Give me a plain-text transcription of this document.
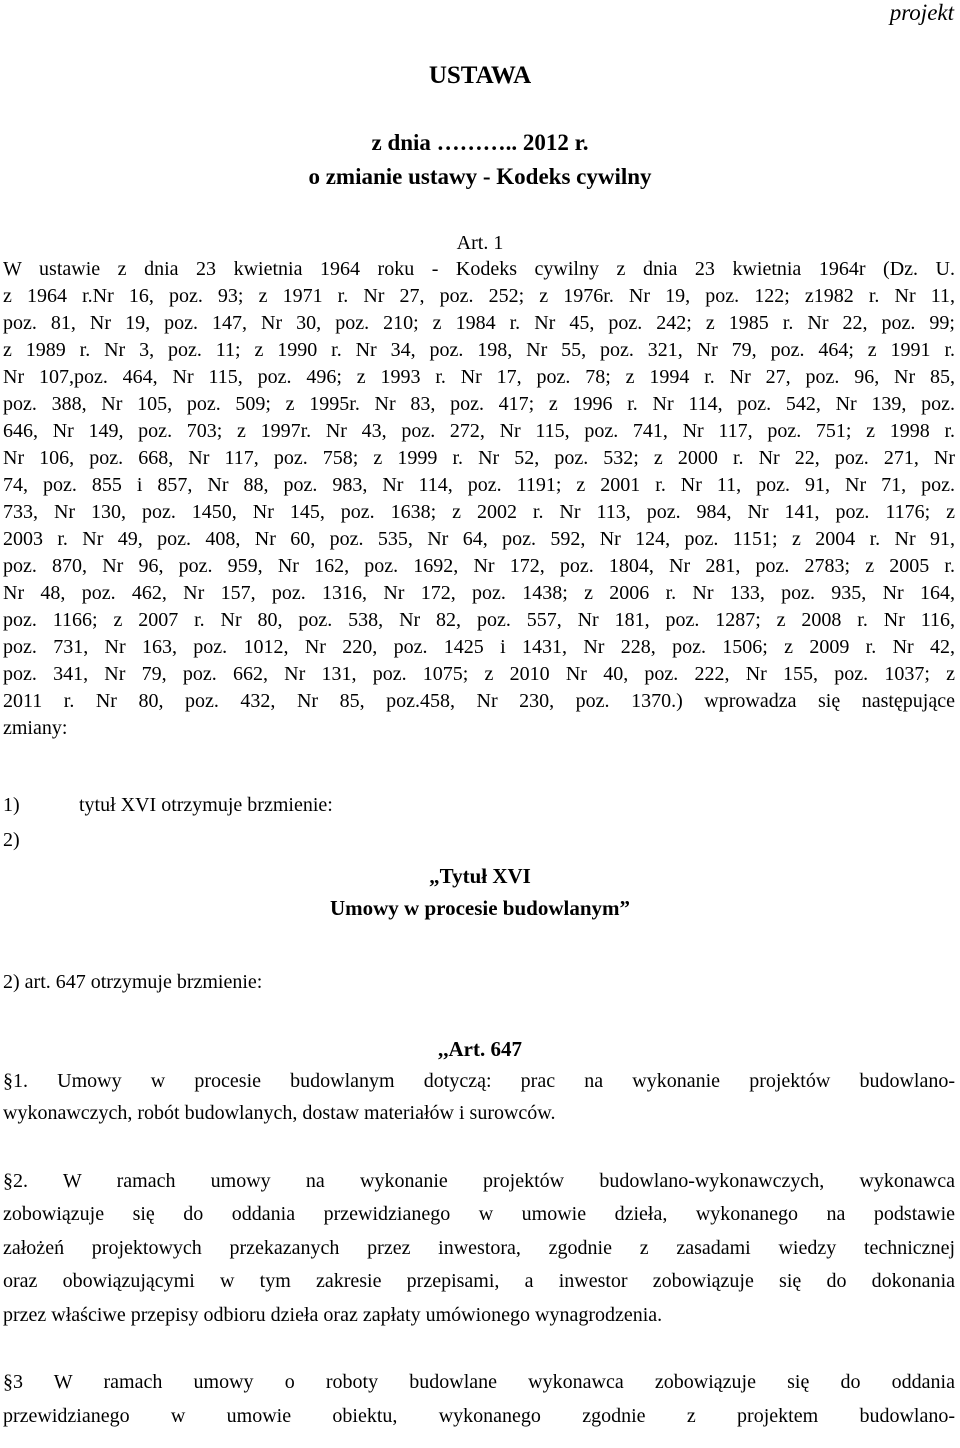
projekt

USTAWA

z dnia ……….. 2012 r.

o zmianie ustawy - Kodeks cywilny

Art. 1

W ustawie z dnia 23 kwietnia 1964 roku - Kodeks cywilny z dnia 23 kwietnia 1964r (Dz. U.

z 1964 r.Nr 16, poz. 93; z 1971 r. Nr 27, poz. 252; z 1976r. Nr 19, poz. 122; z1982 r. Nr 11,

poz. 81, Nr 19, poz. 147, Nr 30, poz. 210; z 1984 r. Nr 45, poz. 242; z 1985 r. Nr 22, poz. 99;

z 1989 r. Nr 3, poz. 11; z 1990 r. Nr 34, poz. 198, Nr 55, poz. 321, Nr 79, poz. 464; z 1991 r.

Nr 107,poz. 464, Nr 115, poz. 496; z 1993 r. Nr 17, poz. 78; z 1994 r. Nr 27, poz. 96, Nr 85,

poz. 388, Nr 105, poz. 509; z 1995r. Nr 83, poz. 417; z 1996 r. Nr 114, poz. 542, Nr 139, poz.

646, Nr 149, poz. 703; z 1997r. Nr 43, poz. 272, Nr 115, poz. 741, Nr 117, poz. 751; z 1998 r.

Nr 106, poz. 668, Nr 117, poz. 758; z 1999 r. Nr 52, poz. 532; z 2000 r. Nr 22, poz. 271, Nr

74, poz. 855 i 857, Nr 88, poz. 983, Nr 114, poz. 1191; z 2001 r. Nr 11, poz. 91, Nr 71, poz.

733, Nr 130, poz. 1450, Nr 145, poz. 1638; z 2002 r. Nr 113, poz. 984, Nr 141, poz. 1176; z

2003 r. Nr 49, poz. 408, Nr 60, poz. 535, Nr 64, poz. 592, Nr 124, poz. 1151; z 2004 r. Nr 91,

poz. 870, Nr 96, poz. 959, Nr 162, poz. 1692, Nr 172, poz. 1804, Nr 281, poz. 2783; z 2005 r.

Nr 48, poz. 462, Nr 157, poz. 1316, Nr 172, poz. 1438; z 2006 r. Nr 133, poz. 935, Nr 164,

poz. 1166; z 2007 r. Nr 80, poz. 538, Nr 82, poz. 557, Nr 181, poz. 1287; z 2008 r. Nr 116,

poz. 731, Nr 163, poz. 1012, Nr 220, poz. 1425 i 1431, Nr 228, poz. 1506; z 2009 r. Nr 42,

poz. 341, Nr 79, poz. 662, Nr 131, poz. 1075; z 2010 Nr 40, poz. 222, Nr 155, poz. 1037; z

2011 r. Nr 80, poz. 432, Nr 85, poz.458, Nr 230, poz. 1370.) wprowadza się następujące

zmiany:

1)	tytuł XVI otrzymuje brzmienie:

2)

„Tytuł XVI

Umowy w procesie budowlanym”

2) art. 647 otrzymuje brzmienie:

,,Art. 647

§1. Umowy w procesie budowlanym dotyczą: prac na wykonanie projektów budowlano-

wykonawczych, robót budowlanych, dostaw materiałów i surowców.

§2. W ramach umowy na wykonanie projektów budowlano-wykonawczych, wykonawca

zobowiązuje się do oddania przewidzianego w umowie dzieła, wykonanego na podstawie

założeń projektowych przekazanych przez inwestora, zgodnie z zasadami wiedzy technicznej

oraz obowiązującymi w tym zakresie przepisami, a inwestor zobowiązuje się do dokonania

przez właściwe przepisy odbioru dzieła oraz zapłaty umówionego wynagrodzenia.

§3 W ramach umowy o roboty budowlane wykonawca zobowiązuje się do oddania

przewidzianego w umowie obiektu, wykonanego zgodnie z projektem budowlano-
